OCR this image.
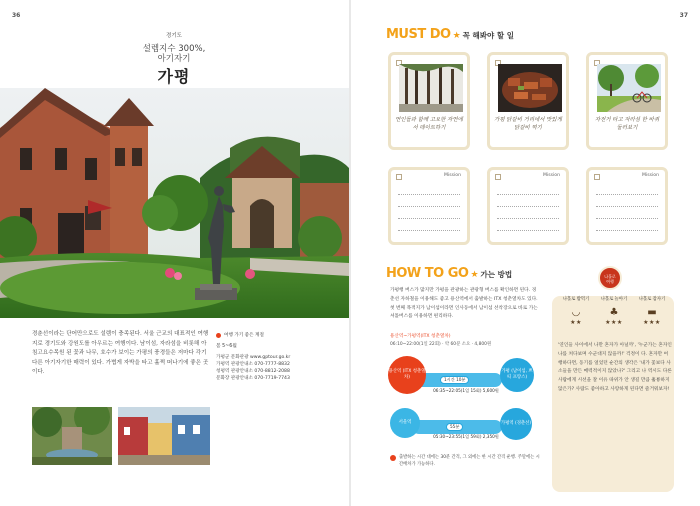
36	37
경기도
설렘지수 300%,
아기자기
가평
경춘선이라는 단어만으로도 설렘이 충족된다. 서울 근교의 대표적인 여행지로 경기도와 강원도를 아우르는 여행이다. 남이섬, 자라섬을 비롯해 아침고요수목원 된 꽃과 나무, 호수가 보이는 가평의 풍경들은 저마다 각기 다른 아기자기한 매력이 있다. 가볍게 자박을 타고 훌쩍 떠나기에 좋은 곳이다.
여행 가기 좋은 계절
봄 5~6월
가평군 문화관광 www.gptour.go.kr
가평역 관광안내소 070-7777-8832
청평역 관광안내소 070-8812-2088
문화장 관광안내소 070-7719-7743
MUST DO ★ 꼭 해봐야 할 일
연인들과 함께 고요한 자연에서 데이트하기
가평 닭갈비 거리에서 맛있게 닭갈비 먹기
자전거 타고 자라섬 한 바퀴 둘러보기
Mission	Mission	Mission
HOW TO GO ★ 가는 방법
가평행 버스가 많지만 가평을 관광하는 관광형 버스를 확인하면 된다. 경춘선 자하철을 이용해도 좋고 용산역에서 출발하는 ITX 청춘열차도 있다. 첫 번째 목적지가 남이섬이라면 인사동에서 남이섬 선착장으로 바로 가는 셔틀버스를 이용하면 편리하다.
용산역~가평역(ITX 청춘열차)
06:10~22:00(1일 22회) · 약 60분 소요 · 4,800원
용산역 (ITX 청춘열차)	1시간 10분
06:35~22:05(1일 15회) 5,600원
가평 (남이섬, 쁘띠 프랑스)
서울역
55분
05:30~23:55(1일 59회) 2,350원
가평역 (경춘선)
출발하는 시간 대에는 30분 간격, 그 외에는 한 시간 간격 운행. 주말에는 시간배차가 가능하다.
나홀로
여행
나홀로 밥먹기
◡
★★
나홀로 놀아기
♣
★★★
나홀로 잠자기
▬
★★★
'연인들 사이에서 나만 혼자가 아닐까', '누군가는 혼자인 나를 쳐다보며 수군대지 않을까!' 걱정이 다. 혼자만 여행하다면, 동기를 얼었던 순간의 생각은 '내가 꽃보다 사소들을 만든 매력적이지 않았나?' 그리고 나 역시도 다른 사람에게 시선을 잘 이유 따위가 안 생길 만큼 훌륭하지 않은가? 사람도 좋아하고 사랑하게 된다면 즐거워보자!
